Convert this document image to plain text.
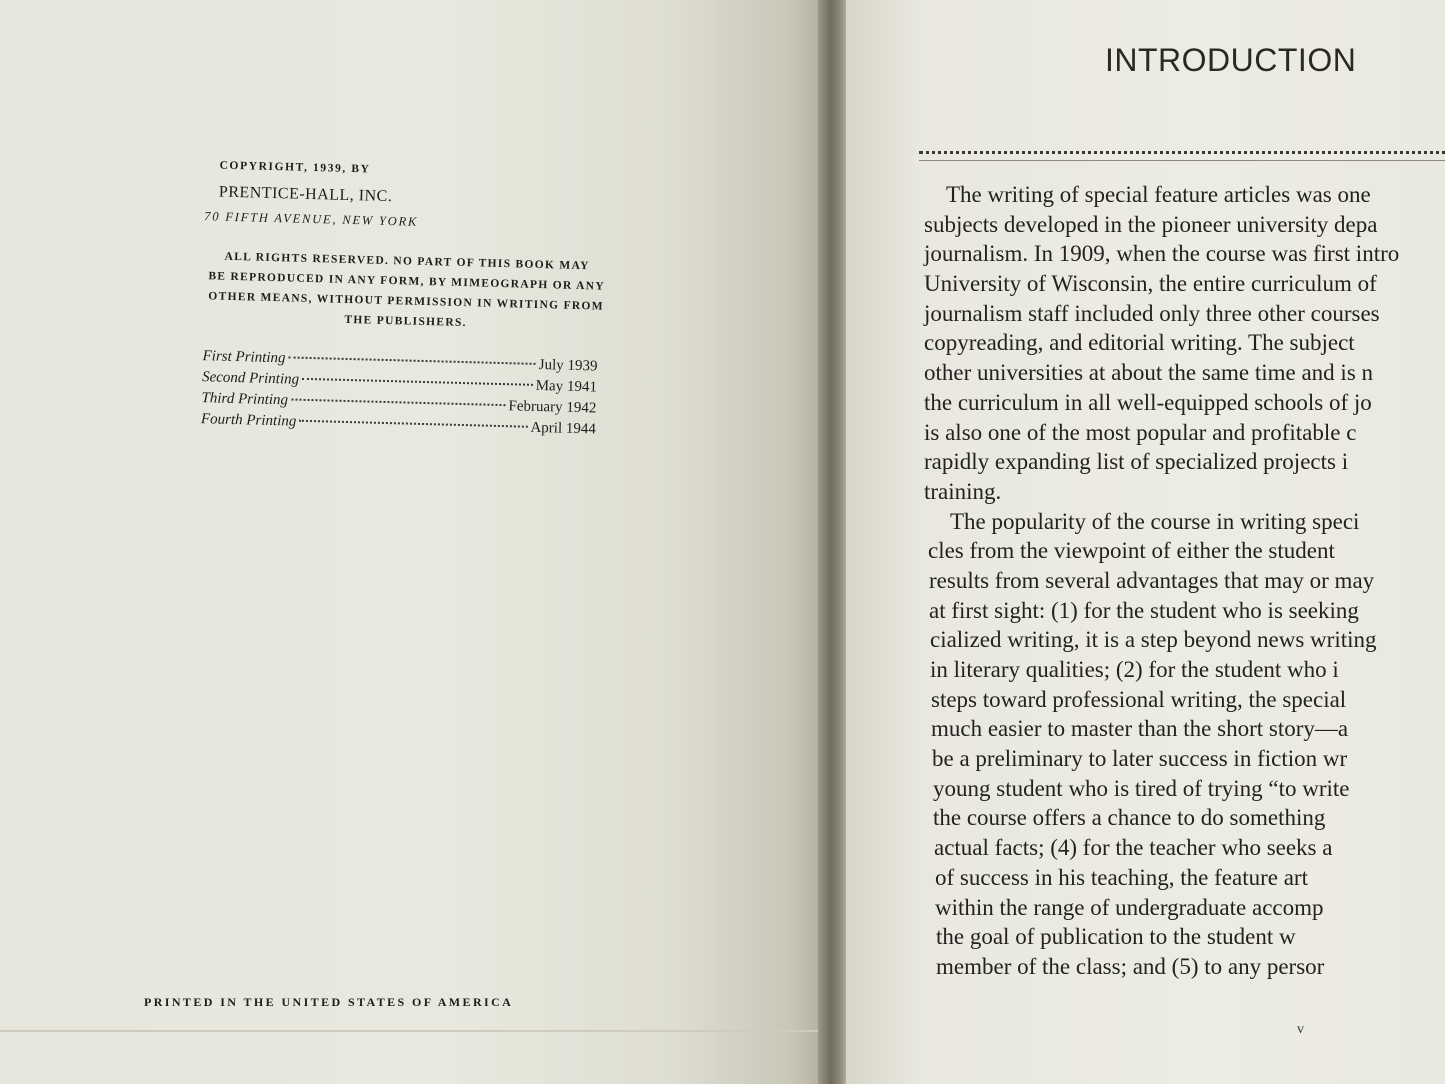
COPYRIGHT, 1939, BY

PRENTICE-HALL, INC.

70 FIFTH AVENUE, NEW YORK

ALL RIGHTS RESERVED. NO PART OF THIS BOOK MAY
BE REPRODUCED IN ANY FORM, BY MIMEOGRAPH OR ANY
OTHER MEANS, WITHOUT PERMISSION IN WRITING FROM
THE PUBLISHERS.
First Printing	July 1939
Second Printing	May 1941
Third Printing	February 1942
Fourth Printing	April 1944
PRINTED IN THE UNITED STATES OF AMERICA
INTRODUCTION

The writing of special feature articles was one

subjects developed in the pioneer university depa

journalism. In 1909, when the course was first intro

University of Wisconsin, the entire curriculum of

journalism staff included only three other courses

copyreading, and editorial writing. The subject

other universities at about the same time and is n

the curriculum in all well-equipped schools of jo

is also one of the most popular and profitable c

rapidly expanding list of specialized projects i

training.

The popularity of the course in writing speci

cles from the viewpoint of either the student

results from several advantages that may or may

at first sight: (1) for the student who is seeking

cialized writing, it is a step beyond news writing

in literary qualities; (2) for the student who i

steps toward professional writing, the special

much easier to master than the short story—a

be a preliminary to later success in fiction wr

young student who is tired of trying “to write

the course offers a chance to do something

actual facts; (4) for the teacher who seeks a

of success in his teaching, the feature art

within the range of undergraduate accomp

the goal of publication to the student w

member of the class; and (5) to any persor

v
